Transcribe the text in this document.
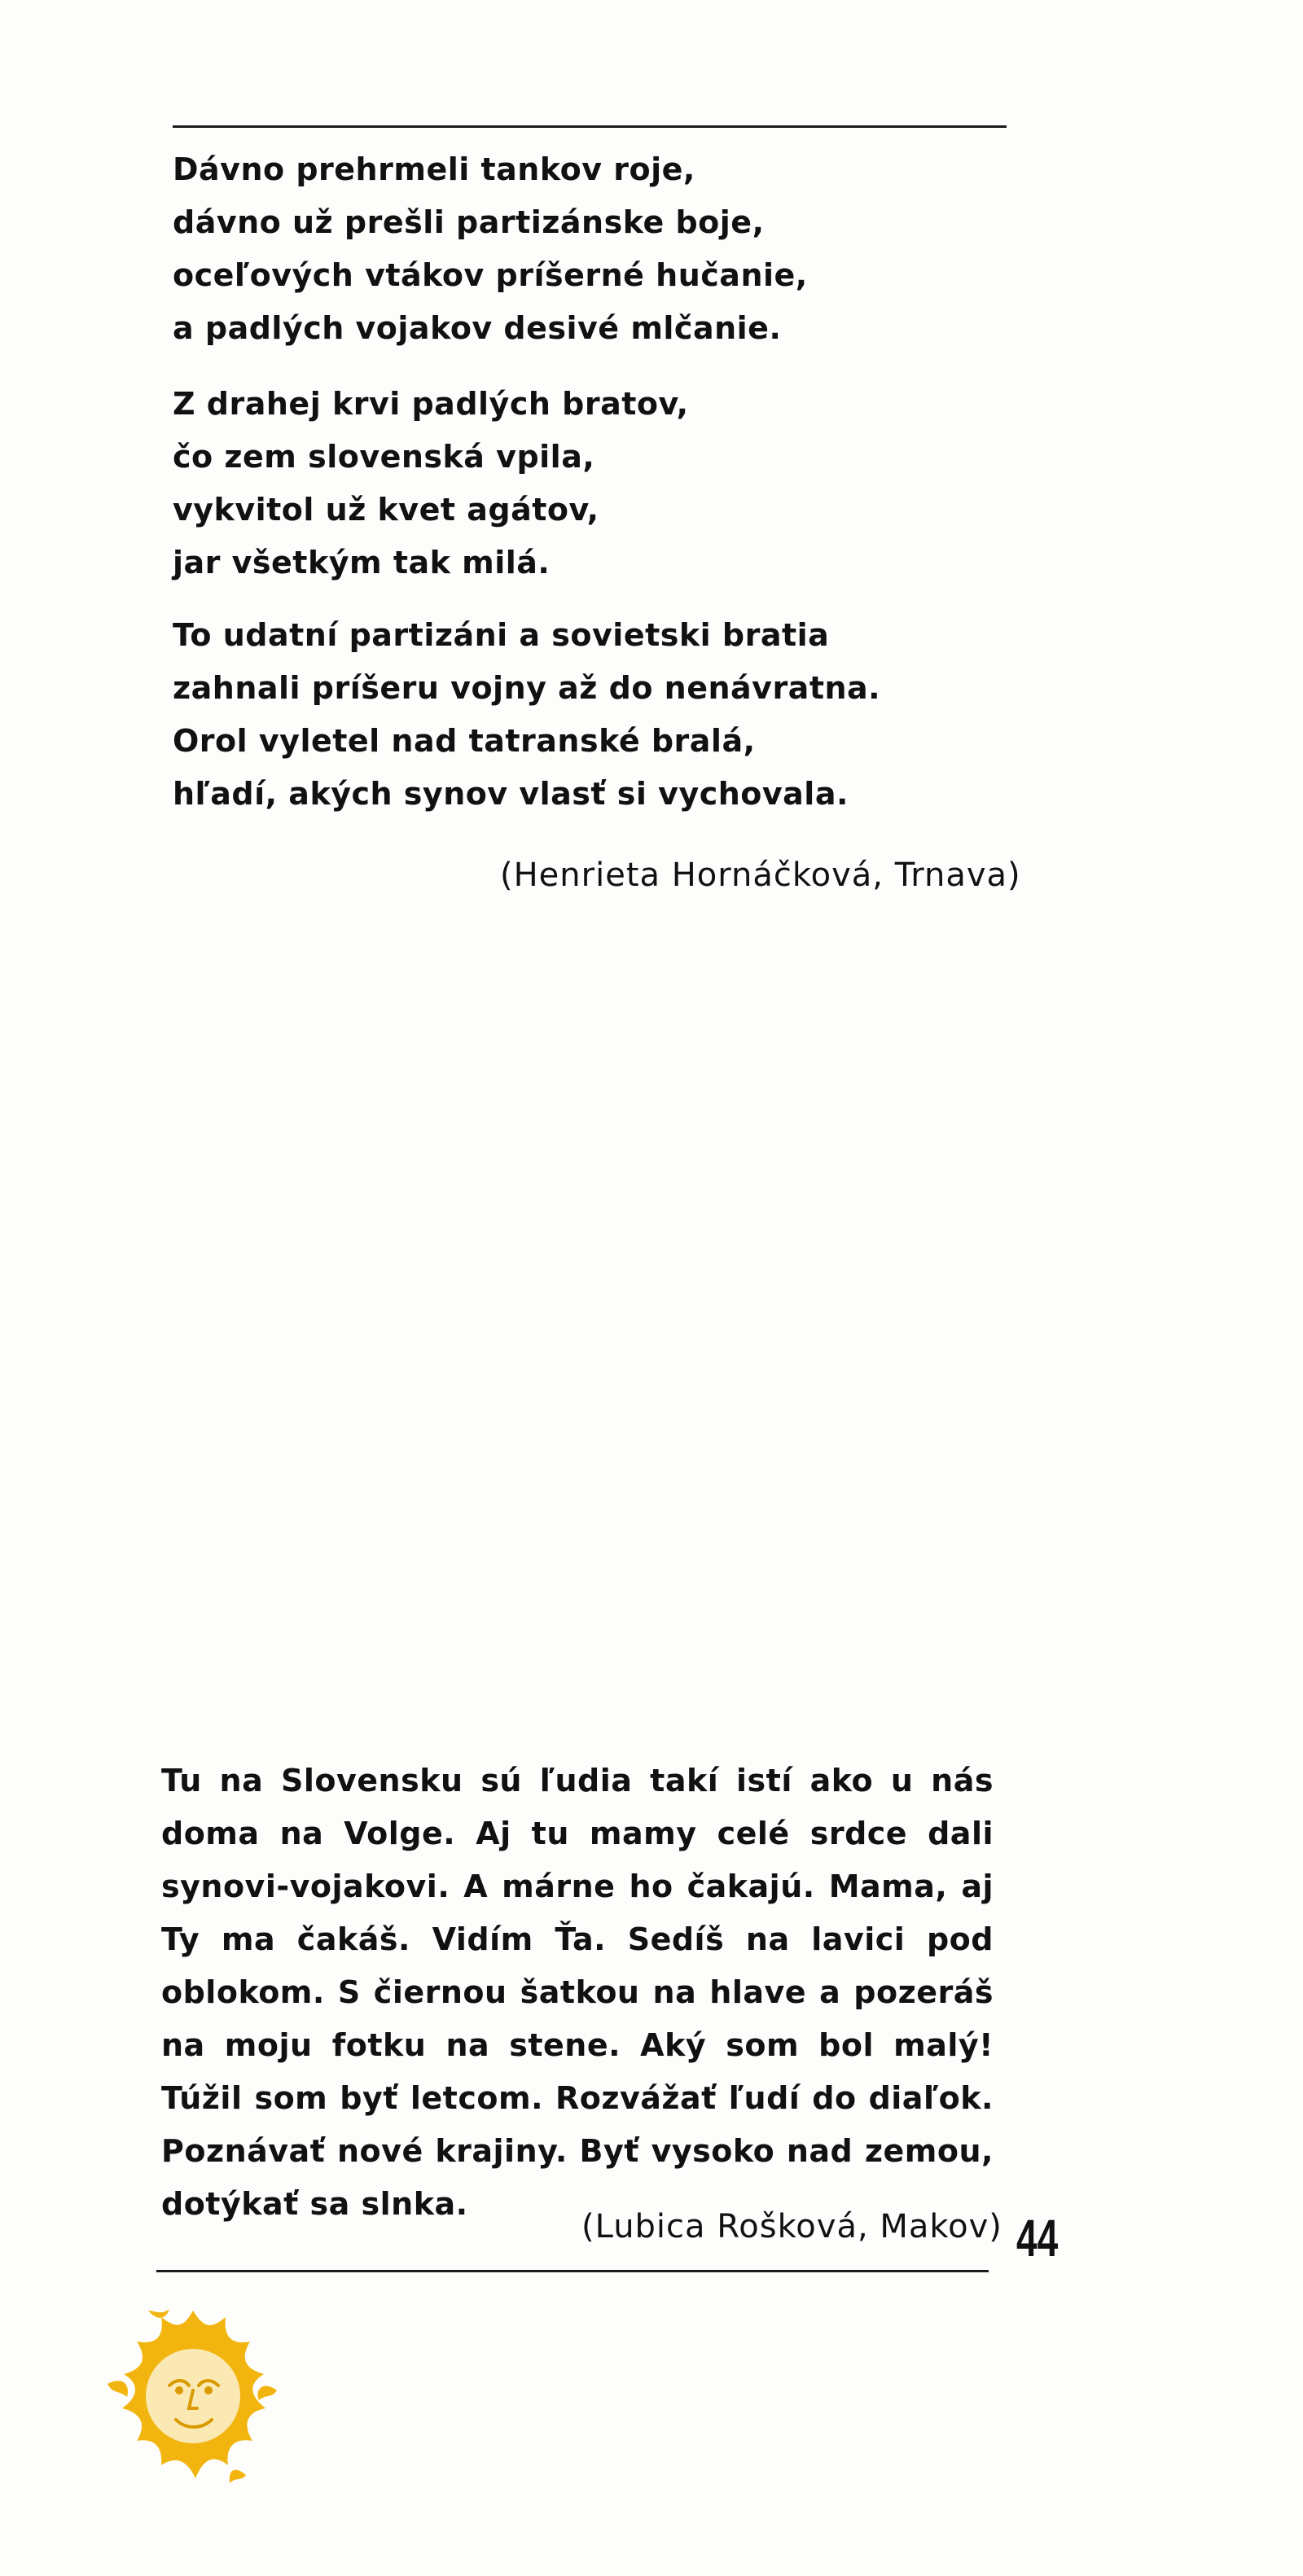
Dávno prehrmeli tankov roje,
dávno už prešli partizánske boje,
oceľových vtákov príšerné hučanie,
a padlých vojakov desivé mlčanie.
Z drahej krvi padlých bratov,
čo zem slovenská vpila,
vykvitol už kvet agátov,
jar všetkým tak milá.
To udatní partizáni a sovietski bratia
zahnali príšeru vojny až do nenávratna.
Orol vyletel nad tatranské bralá,
hľadí, akých synov vlasť si vychovala.
(Henrieta Hornáčková, Trnava)
Tu na Slovensku sú ľudia takí istí ako u nás doma na Volge. Aj tu mamy celé srdce dali synovi-vojakovi. A márne ho čakajú. Mama, aj Ty ma čakáš. Vidím Ťa. Sedíš na lavici pod oblokom. S čiernou šatkou na hlave a pozeráš na moju fotku na stene. Aký som bol malý! Túžil som byť letcom. Rozvážať ľudí do diaľok. Poznávať nové krajiny. Byť vysoko nad zemou, dotýkať sa slnka.
(Lubica Rošková, Makov) 44
